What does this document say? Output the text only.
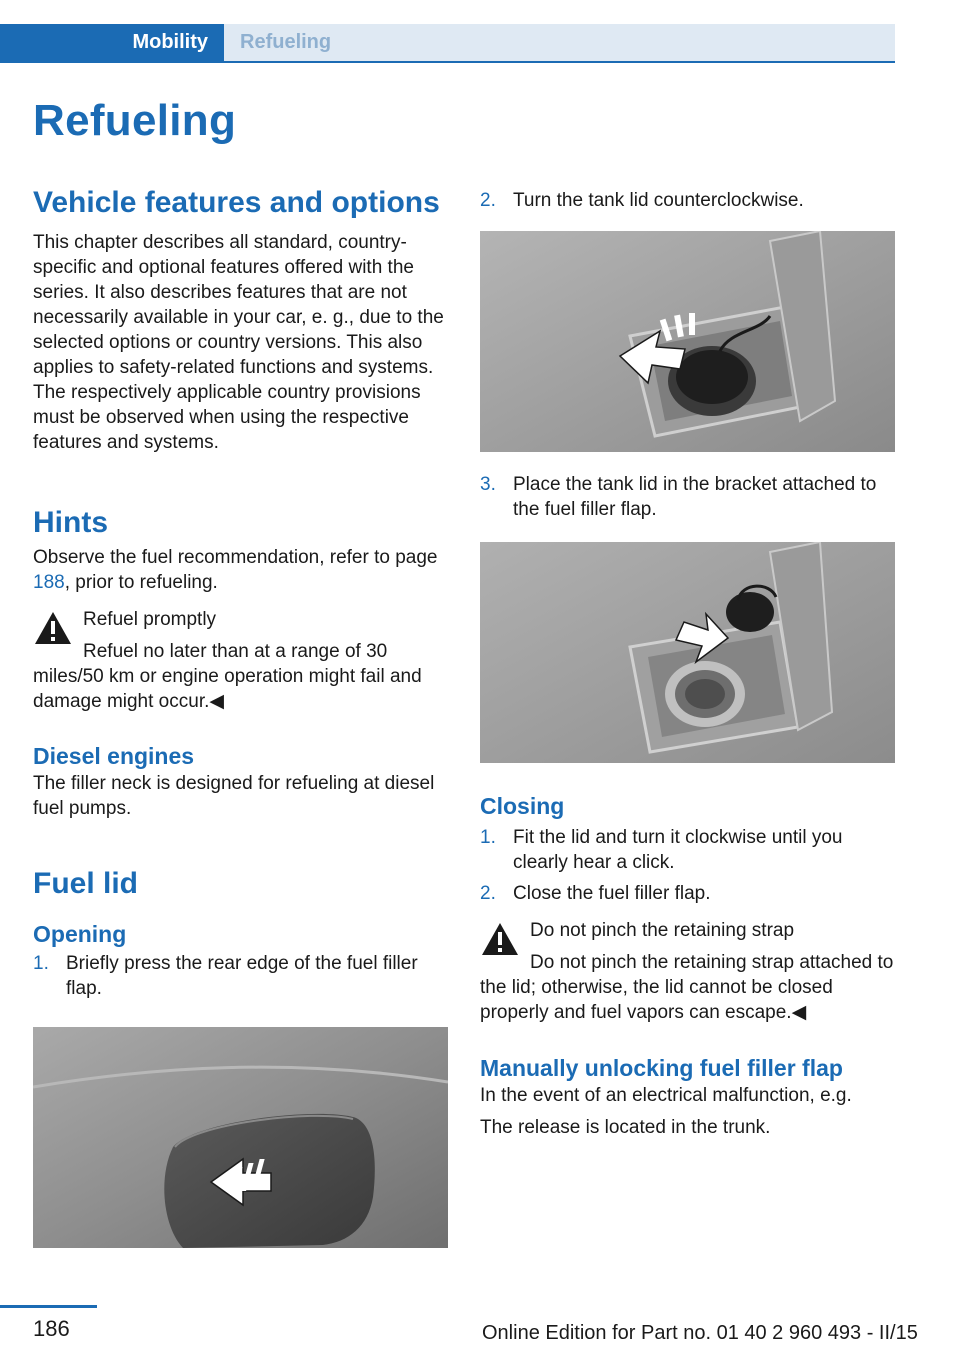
Mobility Refueling
Refueling
Vehicle features and options

This chapter describes all standard, country-specific and optional features offered with the series. It also describes features that are not necessarily available in your car, e. g., due to the selected options or country versions. This also applies to safety-related functions and systems. The respectively applicable country provisions must be observed when using the respective features and systems.

Hints

Observe the fuel recommendation, refer to page 188, prior to refueling.

Refuel promptly
Refuel no later than at a range of 30 miles/50 km or engine operation might fail and damage might occur.◀
Diesel engines

The filler neck is designed for refueling at diesel fuel pumps.

Fuel lid
Opening
1. Briefly press the rear edge of the fuel filler flap.
2. Turn the tank lid counterclockwise.
3. Place the tank lid in the bracket attached to the fuel filler flap.
Closing
1. Fit the lid and turn it clockwise until you clearly hear a click.
2. Close the fuel filler flap.
Do not pinch the retaining strap
Do not pinch the retaining strap attached to the lid; otherwise, the lid cannot be closed properly and fuel vapors can escape.◀
Manually unlocking fuel filler flap

In the event of an electrical malfunction, e.g.

The release is located in the trunk.

186	Online Edition for Part no. 01 40 2 960 493 - II/15
